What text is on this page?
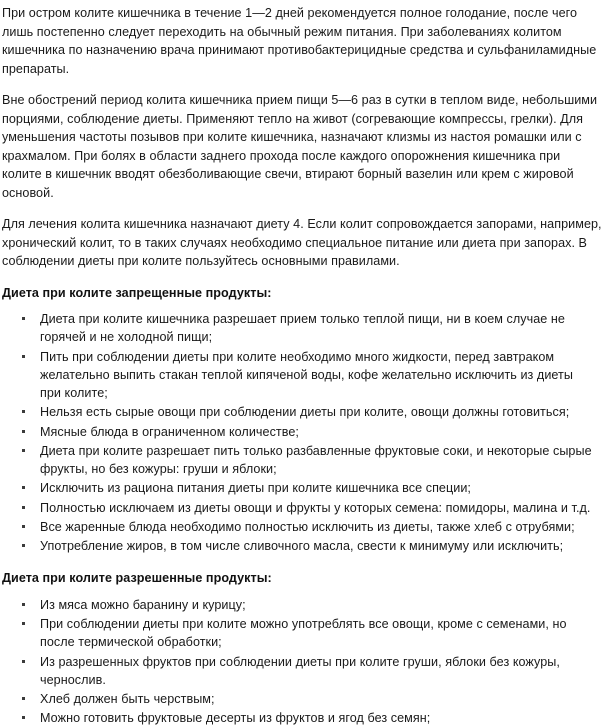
При остром колите кишечника в течение 1—2 дней рекомендуется полное голодание, после чего лишь постепенно следует переходить на обычный режим питания. При заболеваниях колитом кишечника по назначению врача принимают противобактерицидные средства и сульфаниламидные препараты.

Вне обострений период колита кишечника прием пищи 5—6 раз в сутки в теплом виде, небольшими порциями, соблюдение диеты. Применяют тепло на живот (согревающие компрессы, грелки). Для уменьшения частоты позывов при колите кишечника, назначают клизмы из настоя ромашки или с крахмалом. При болях в области заднего прохода после каждого опорожнения кишечника при колите в кишечник вводят обезболивающие свечи, втирают борный вазелин или крем с жировой основой.

Для лечения колита кишечника назначают диету 4. Если колит сопровождается запорами, например, хронический колит, то в таких случаях необходимо специальное питание или диета при запорах. В соблюдении диеты при колите пользуйтесь основными правилами.

Диета при колите запрещенные продукты:
Диета при колите кишечника разрешает прием только теплой пищи, ни в коем случае не горячей и не холодной пищи;
Пить при соблюдении диеты при колите необходимо много жидкости, перед завтраком желательно выпить стакан теплой кипяченой воды, кофе желательно исключить из диеты при колите;
Нельзя есть сырые овощи при соблюдении диеты при колите, овощи должны готовиться;
Мясные блюда в ограниченном количестве;
Диета при колите разрешает пить только разбавленные фруктовые соки, и некоторые сырые фрукты, но без кожуры: груши и яблоки;
Исключить из рациона питания диеты при колите кишечника все специи;
Полностью исключаем из диеты овощи и фрукты у которых семена: помидоры, малина и т.д.
Все жаренные блюда необходимо полностью исключить из диеты, также хлеб с отрубями;
Употребление жиров, в том числе сливочного масла, свести к минимуму или исключить;
Диета при колите разрешенные продукты:
Из мяса можно баранину и курицу;
При соблюдении диеты при колите можно употреблять все овощи, кроме с семенами, но после термической обработки;
Из разрешенных фруктов при соблюдении диеты при колите груши, яблоки без кожуры, чернослив.
Хлеб должен быть черствым;
Можно готовить фруктовые десерты из фруктов и ягод без семян;
